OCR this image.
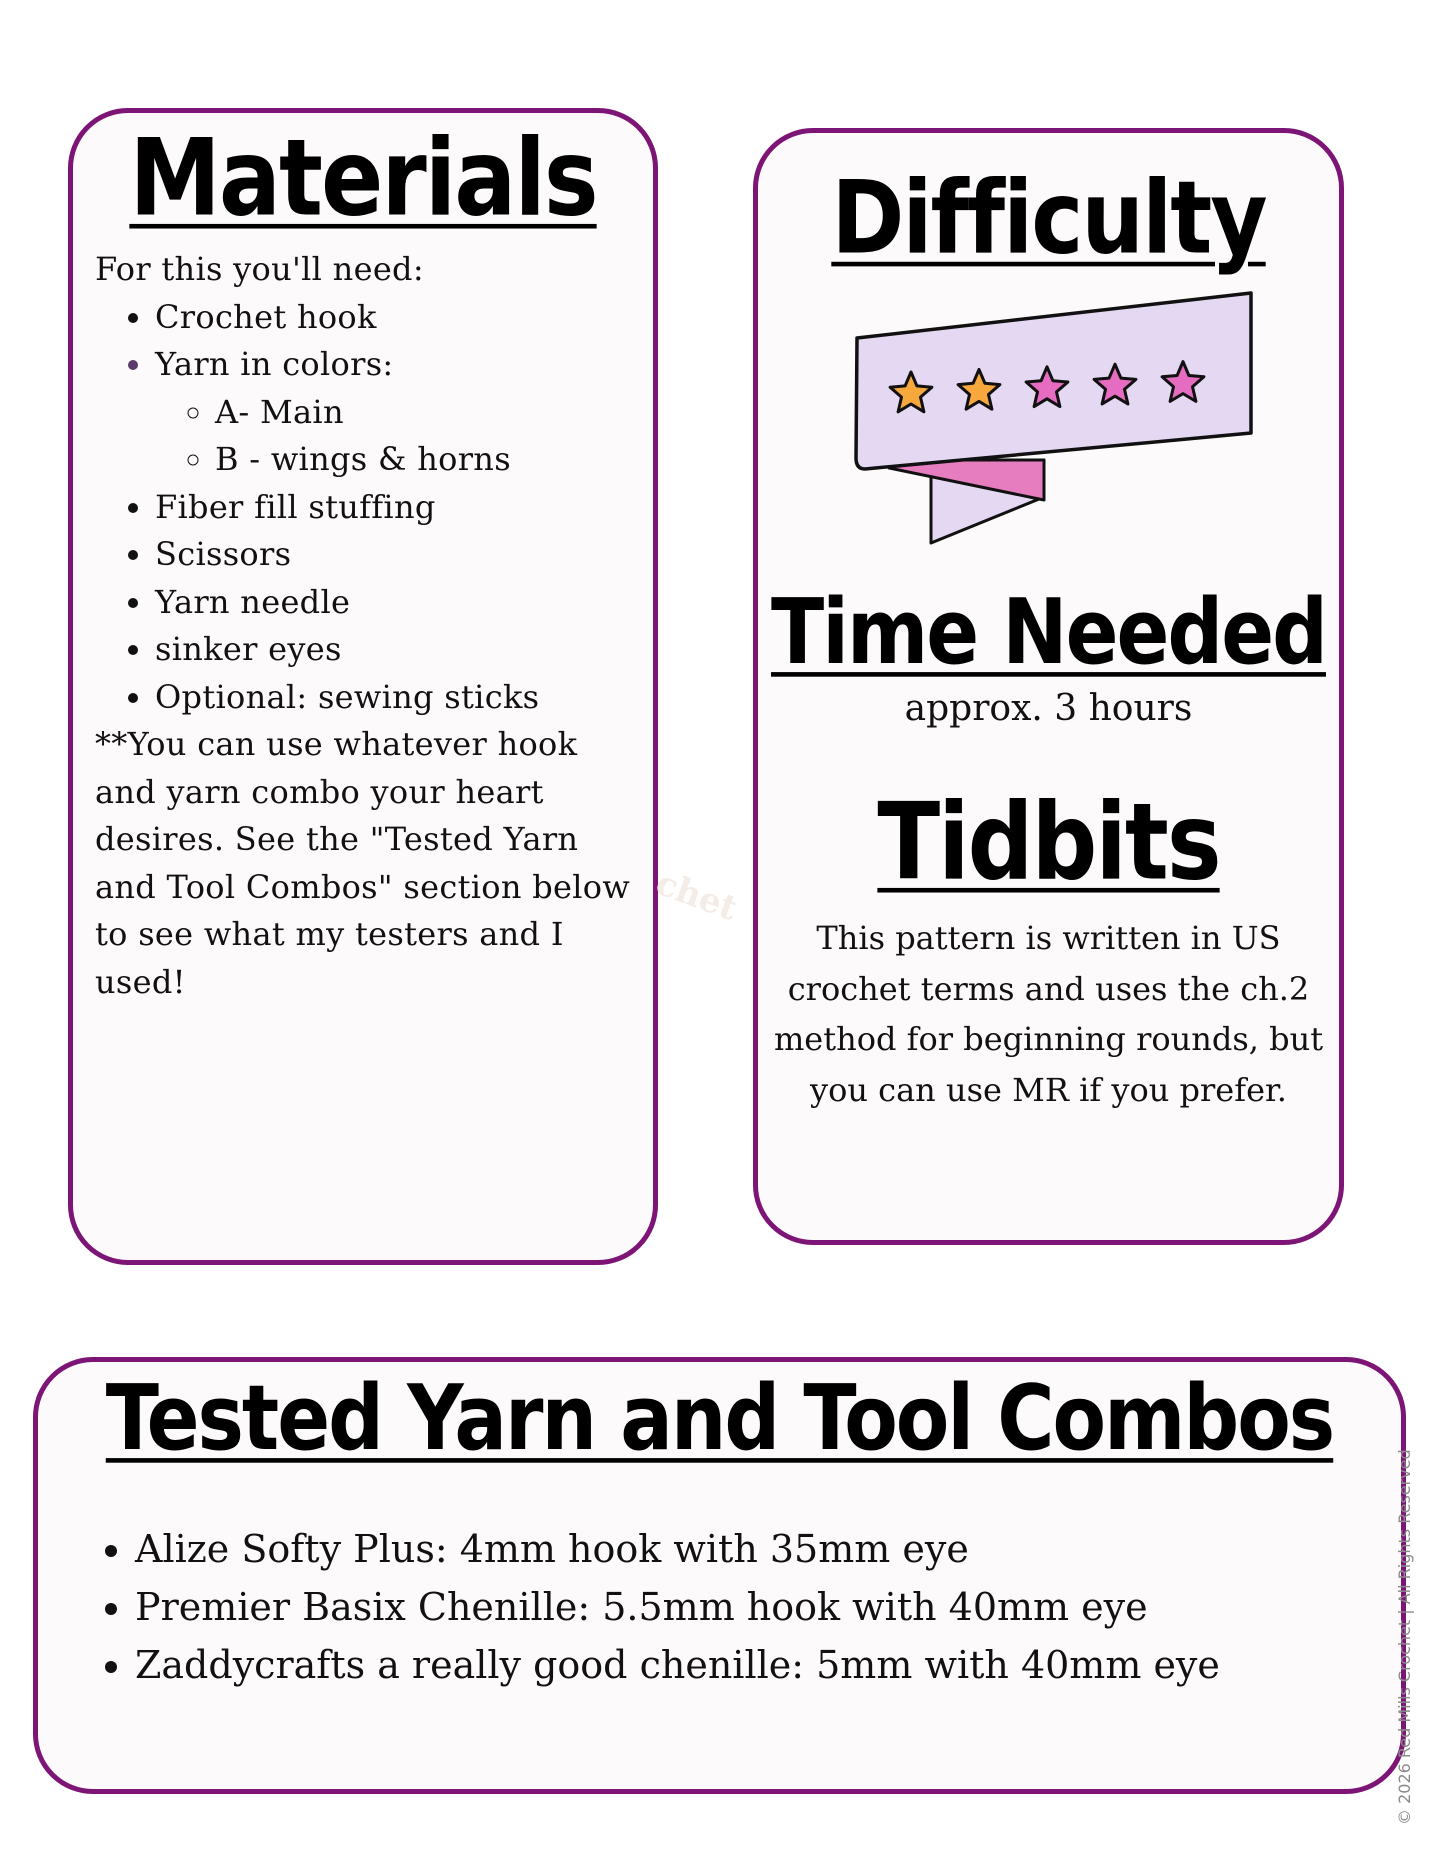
Materials

For this you'll need:

• Crochet hook
• Yarn in colors:
◦ A- Main
◦ B - wings & horns
• Fiber fill stuffing
• Scissors
• Yarn needle
• sinker eyes
• Optional: sewing sticks

**You can use whatever hook and yarn combo your heart desires. See the "Tested Yarn and Tool Combos" section below to see what my testers and I used!

chet
Difficulty
Time Needed
approx. 3 hours
Tidbits
This pattern is written in US crochet terms and uses the ch.2 method for beginning rounds, but you can use MR if you prefer.
Tested Yarn and Tool Combos
• Alize Softy Plus: 4mm hook with 35mm eye
• Premier Basix Chenille: 5.5mm hook with 40mm eye
• Zaddycrafts a really good chenille: 5mm with 40mm eye	© 2026 Red Mills Crochet | All Rights Reserved
